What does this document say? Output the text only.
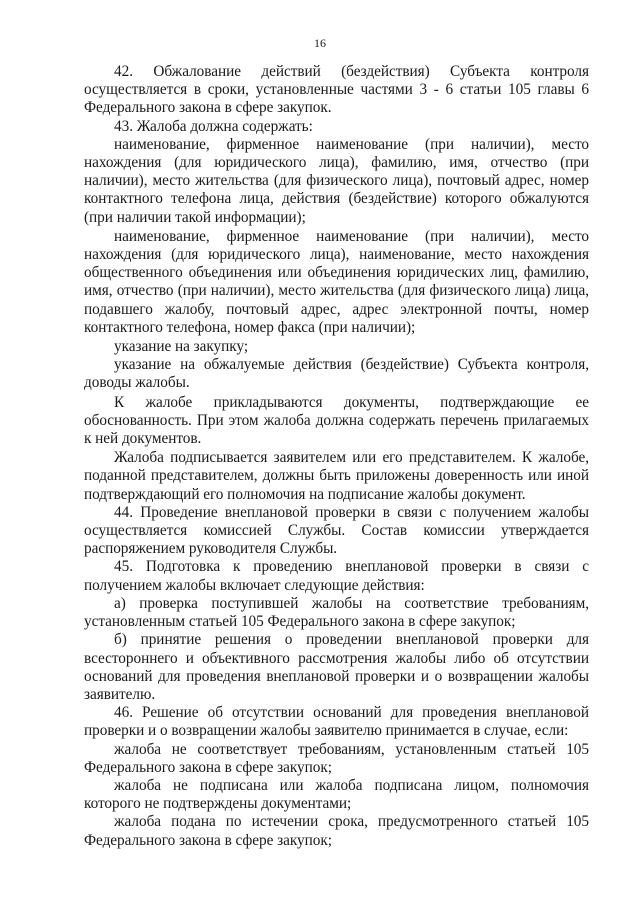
16

42. Обжалование действий (бездействия) Субъекта контроля осуществляется в сроки, установленные частями 3 - 6 статьи 105 главы 6 Федерального закона в сфере закупок.

43. Жалоба должна содержать:

наименование, фирменное наименование (при наличии), место нахождения (для юридического лица), фамилию, имя, отчество (при наличии), место жительства (для физического лица), почтовый адрес, номер контактного телефона лица, действия (бездействие) которого обжалуются (при наличии такой информации);

наименование, фирменное наименование (при наличии), место нахождения (для юридического лица), наименование, место нахождения общественного объединения или объединения юридических лиц, фамилию, имя, отчество (при наличии), место жительства (для физического лица) лица, подавшего жалобу, почтовый адрес, адрес электронной почты, номер контактного телефона, номер факса (при наличии);

указание на закупку;

указание на обжалуемые действия (бездействие) Субъекта контроля, доводы жалобы.

К жалобе прикладываются документы, подтверждающие ее обоснованность. При этом жалоба должна содержать перечень прилагаемых к ней документов.

Жалоба подписывается заявителем или его представителем. К жалобе, поданной представителем, должны быть приложены доверенность или иной подтверждающий его полномочия на подписание жалобы документ.

44. Проведение внеплановой проверки в связи с получением жалобы осуществляется комиссией Службы. Состав комиссии утверждается распоряжением руководителя Службы.

45. Подготовка к проведению внеплановой проверки в связи с получением жалобы включает следующие действия:

а) проверка поступившей жалобы на соответствие требованиям, установленным статьей 105 Федерального закона в сфере закупок;

б) принятие решения о проведении внеплановой проверки для всестороннего и объективного рассмотрения жалобы либо об отсутствии оснований для проведения внеплановой проверки и о возвращении жалобы заявителю.

46. Решение об отсутствии оснований для проведения внеплановой проверки и о возвращении жалобы заявителю принимается в случае, если:

жалоба не соответствует требованиям, установленным статьей 105 Федерального закона в сфере закупок;

жалоба не подписана или жалоба подписана лицом, полномочия которого не подтверждены документами;

жалоба подана по истечении срока, предусмотренного статьей 105 Федерального закона в сфере закупок;
